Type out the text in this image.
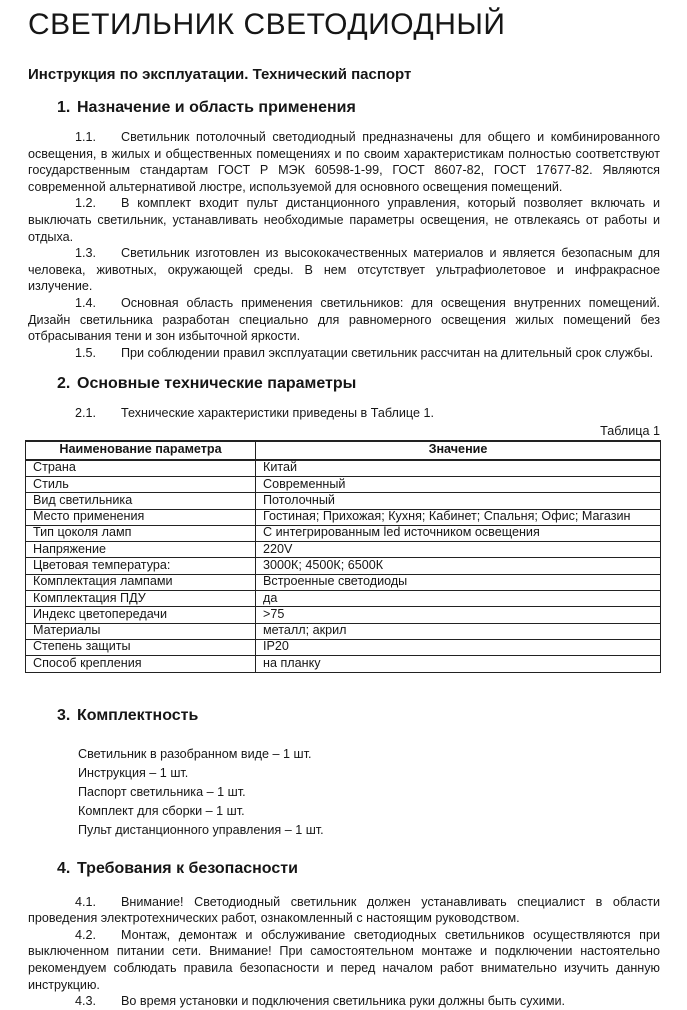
СВЕТИЛЬНИК СВЕТОДИОДНЫЙ
Инструкция по эксплуатации. Технический паспорт
1. Назначение и область применения

1.1. Светильник потолочный светодиодный предназначены для общего и комбинированного освещения, в жилых и общественных помещениях и по своим характеристикам полностью соответствуют государственным стандартам ГОСТ Р МЭК 60598-1-99, ГОСТ 8607-82, ГОСТ 17677-82. Являются современной альтернативой люстре, используемой для основного освещения помещений.

1.2. В комплект входит пульт дистанционного управления, который позволяет включать и выключать светильник, устанавливать необходимые параметры освещения, не отвлекаясь от работы и отдыха.

1.3. Светильник изготовлен из высококачественных материалов и является безопасным для человека, животных, окружающей среды. В нем отсутствует ультрафиолетовое и инфракрасное излучение.

1.4. Основная область применения светильников: для освещения внутренних помещений. Дизайн светильника разработан специально для равномерного освещения жилых помещений без отбрасывания тени и зон избыточной яркости.

1.5. При соблюдении правил эксплуатации светильник рассчитан на длительный срок службы.

2. Основные технические параметры

2.1. Технические характеристики приведены в Таблице 1.

Таблица 1
Наименование параметра	Значение
Страна	Китай
Стиль	Современный
Вид светильника	Потолочный
Место применения	Гостиная; Прихожая; Кухня; Кабинет; Спальня; Офис; Магазин
Тип цоколя ламп	С интегрированным led источником освещения
Напряжение	220V
Цветовая температура:	3000К; 4500К; 6500К
Комплектация лампами	Встроенные светодиоды
Комплектация ПДУ	да
Индекс цветопередачи	>75
Материалы	металл; акрил
Степень защиты	IP20
Способ крепления	на планку
3. Комплектность
Светильник в разобранном виде – 1 шт.
Инструкция – 1 шт.
Паспорт светильника – 1 шт.
Комплект для сборки – 1 шт.
Пульт дистанционного управления – 1 шт.
4. Требования к безопасности

4.1. Внимание! Светодиодный светильник должен устанавливать специалист в области проведения электротехнических работ, ознакомленный с настоящим руководством.

4.2. Монтаж, демонтаж и обслуживание светодиодных светильников осуществляются при выключенном питании сети. Внимание! При самостоятельном монтаже и подключении настоятельно рекомендуем соблюдать правила безопасности и перед началом работ внимательно изучить данную инструкцию.

4.3. Во время установки и подключения светильника руки должны быть сухими.
